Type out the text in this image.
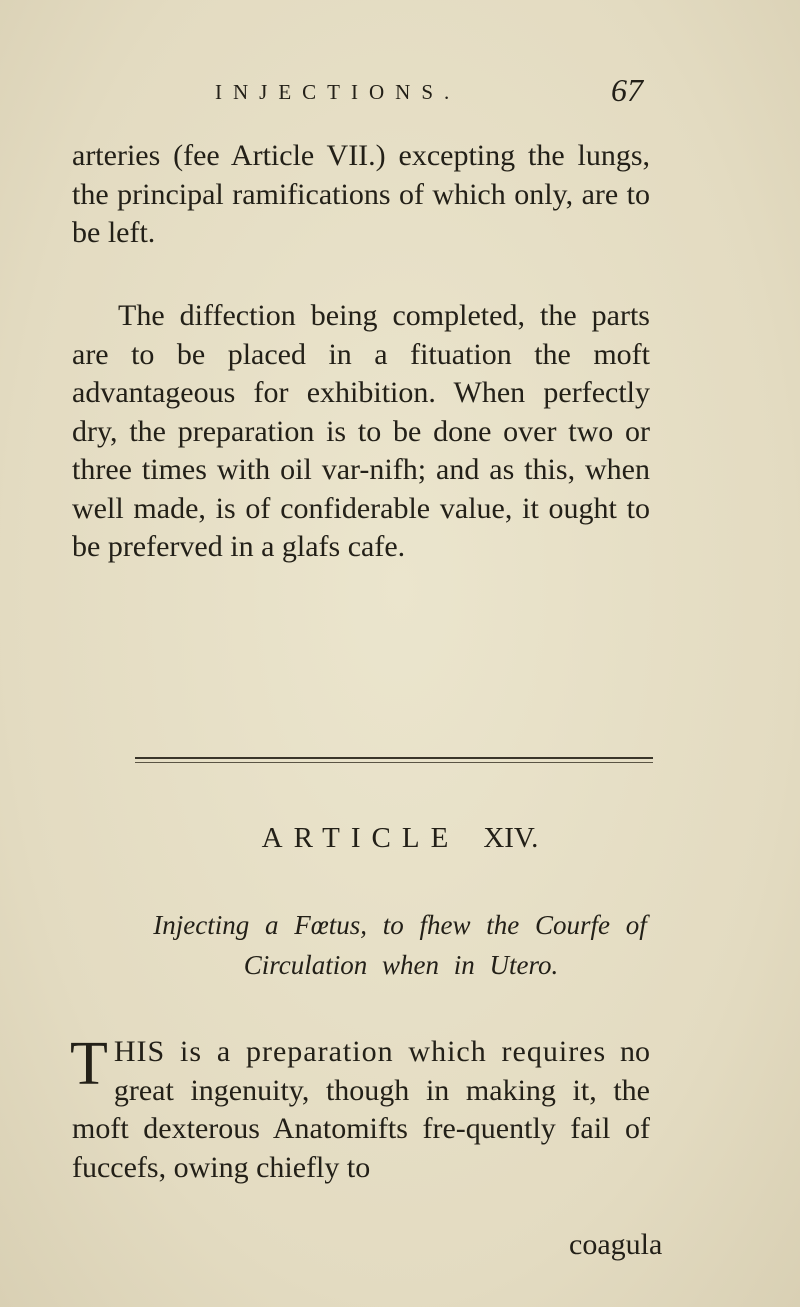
INJECTIONS.	67

arteries (fee Article VII.) excepting the lungs, the principal ramifications of which only, are to be left.

The diffection being completed, the parts are to be placed in a fituation the moft advantageous for exhibition. When perfectly dry, the preparation is to be done over two or three times with oil var-nifh; and as this, when well made, is of confiderable value, it ought to be preferved in a glafs cafe.

ARTICLE XIV.
Injecting a Fœtus, to fhew the Courfe of
Circulation when in Utero.
T HIS is a preparation which requires no great ingenuity, though in making it, the moft dexterous Anatomifts fre-quently fail of fuccefs, owing chiefly to
coagula
